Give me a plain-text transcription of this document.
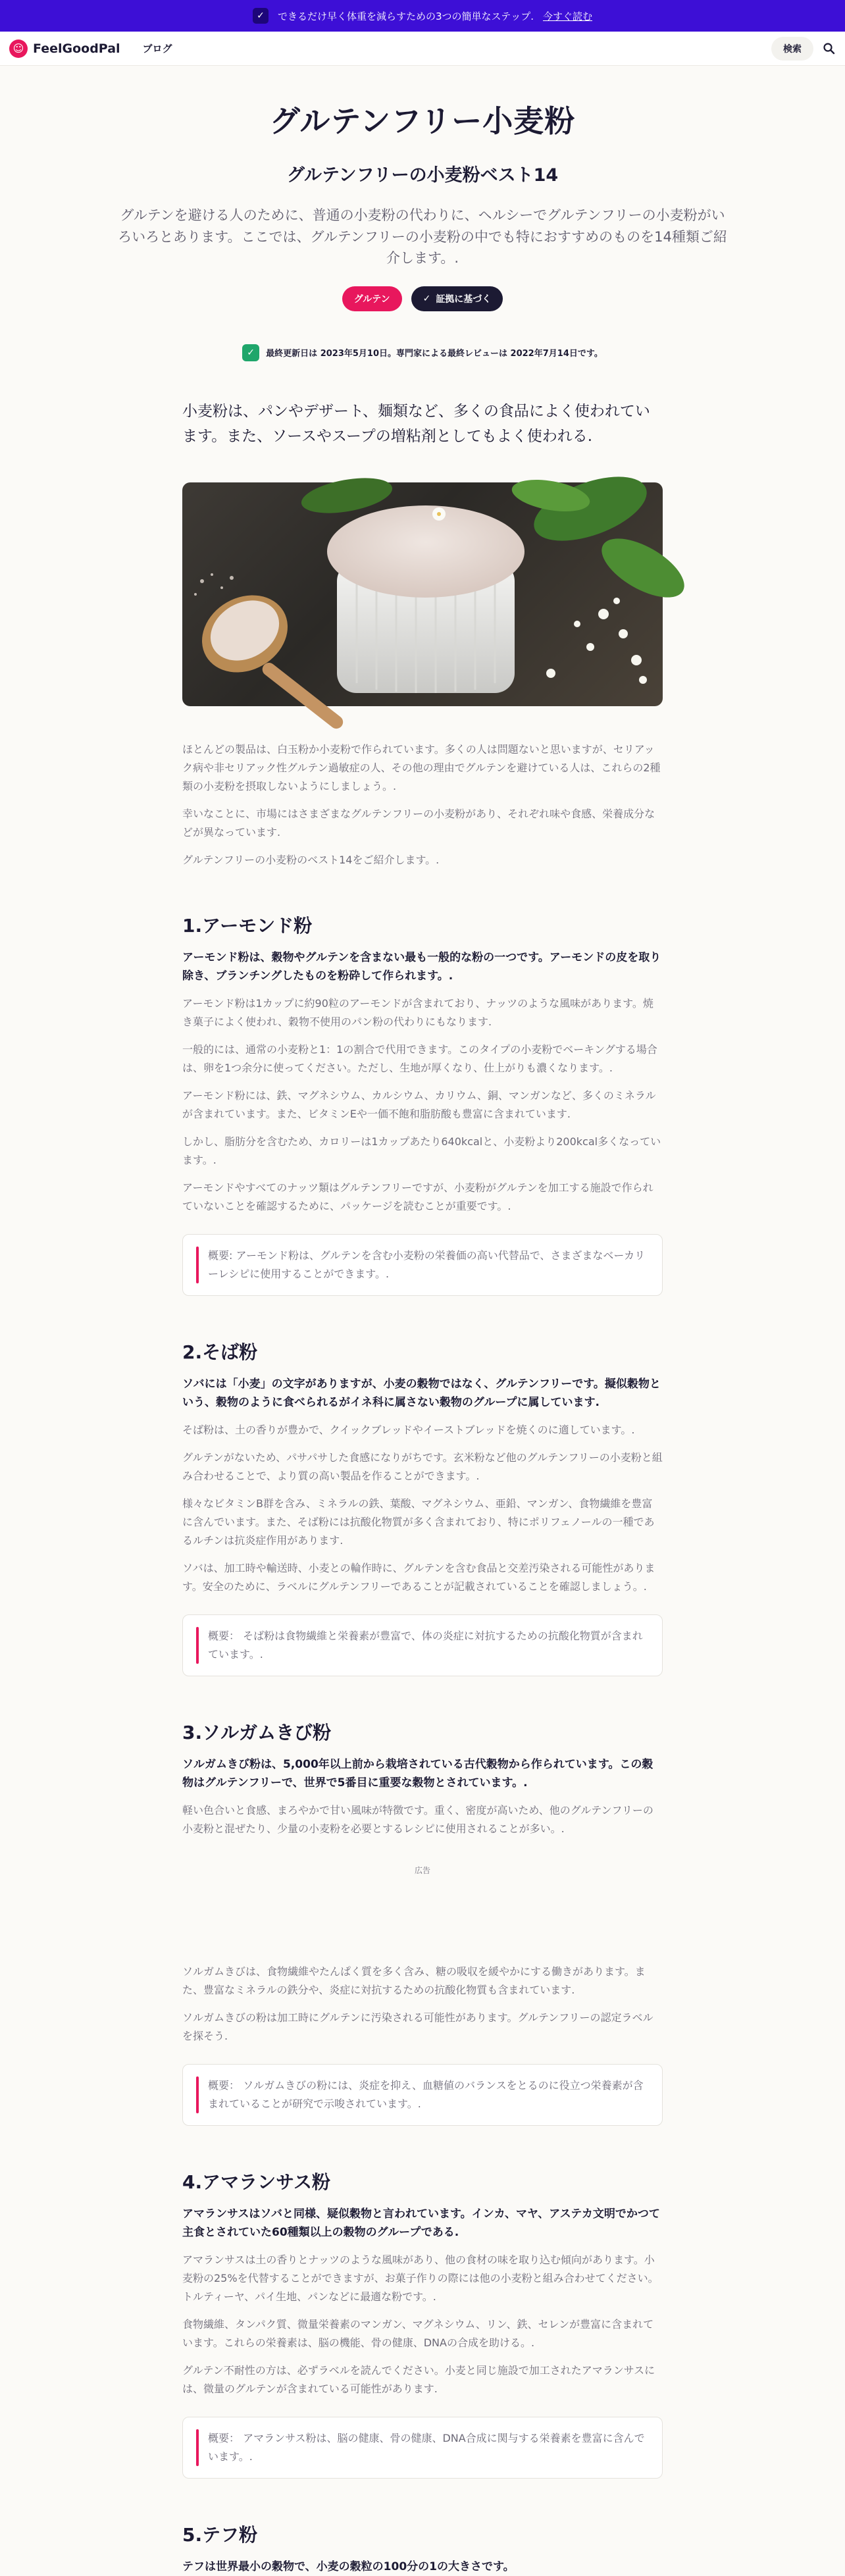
✓	できるだけ早く体重を減らすための3つの簡単なステップ. 今すぐ読む
☺ FeelGoodPal ブログ	検索
グルテンフリー小麦粉
グルテンフリーの小麦粉ベスト14

グルテンを避ける人のために、普通の小麦粉の代わりに、ヘルシーでグルテンフリーの小麦粉がいろいろとあります。ここでは、グルテンフリーの小麦粉の中でも特におすすめのものを14種類ご紹介します。.

グルテン	✓ 証拠に基づく
✓	最終更新日は 2023年5月10日。専門家による最終レビューは 2022年7月14日です。

小麦粉は、パンやデザート、麺類など、多くの食品によく使われています。また、ソースやスープの増粘剤としてもよく使われる.

ほとんどの製品は、白玉粉か小麦粉で作られています。多くの人は問題ないと思いますが、セリアック病や非セリアック性グルテン過敏症の人、その他の理由でグルテンを避けている人は、これらの2種類の小麦粉を摂取しないようにしましょう。.

幸いなことに、市場にはさまざまなグルテンフリーの小麦粉があり、それぞれ味や食感、栄養成分などが異なっています.

グルテンフリーの小麦粉のベスト14をご紹介します。.

1.アーモンド粉

アーモンド粉は、穀物やグルテンを含まない最も一般的な粉の一つです。アーモンドの皮を取り除き、ブランチングしたものを粉砕して作られます。.

アーモンド粉は1カップに約90粒のアーモンドが含まれており、ナッツのような風味があります。焼き菓子によく使われ、穀物不使用のパン粉の代わりにもなります.

一般的には、通常の小麦粉と1：1の割合で代用できます。このタイプの小麦粉でベーキングする場合は、卵を1つ余分に使ってください。ただし、生地が厚くなり、仕上がりも濃くなります。.

アーモンド粉には、鉄、マグネシウム、カルシウム、カリウム、銅、マンガンなど、多くのミネラルが含まれています。また、ビタミンEや一価不飽和脂肪酸も豊富に含まれています.

しかし、脂肪分を含むため、カロリーは1カップあたり640kcalと、小麦粉より200kcal多くなっています。.

アーモンドやすべてのナッツ類はグルテンフリーですが、小麦粉がグルテンを加工する施設で作られていないことを確認するために、パッケージを読むことが重要です。.

概要: アーモンド粉は、グルテンを含む小麦粉の栄養価の高い代替品で、さまざまなベーカリーレシピに使用することができます。.
2.そば粉

ソバには「小麦」の文字がありますが、小麦の穀物ではなく、グルテンフリーです。擬似穀物という、穀物のように食べられるがイネ科に属さない穀物のグループに属しています.

そば粉は、土の香りが豊かで、クイックブレッドやイーストブレッドを焼くのに適しています。.

グルテンがないため、パサパサした食感になりがちです。玄米粉など他のグルテンフリーの小麦粉と組み合わせることで、より質の高い製品を作ることができます。.

様々なビタミンB群を含み、ミネラルの鉄、葉酸、マグネシウム、亜鉛、マンガン、食物繊維を豊富に含んでいます。また、そば粉には抗酸化物質が多く含まれており、特にポリフェノールの一種であるルチンは抗炎症作用があります.

ソバは、加工時や輸送時、小麦との輪作時に、グルテンを含む食品と交差汚染される可能性があります。安全のために、ラベルにグルテンフリーであることが記載されていることを確認しましょう。.

概要： そば粉は食物繊維と栄養素が豊富で、体の炎症に対抗するための抗酸化物質が含まれています。.
3.ソルガムきび粉

ソルガムきび粉は、5,000年以上前から栽培されている古代穀物から作られています。この穀物はグルテンフリーで、世界で5番目に重要な穀物とされています。.

軽い色合いと食感、まろやかで甘い風味が特徴です。重く、密度が高いため、他のグルテンフリーの小麦粉と混ぜたり、少量の小麦粉を必要とするレシピに使用されることが多い。.

広告

ソルガムきびは、食物繊維やたんぱく質を多く含み、糖の吸収を緩やかにする働きがあります。また、豊富なミネラルの鉄分や、炎症に対抗するための抗酸化物質も含まれています.

ソルガムきびの粉は加工時にグルテンに汚染される可能性があります。グルテンフリーの認定ラベルを探そう.

概要： ソルガムきびの粉には、炎症を抑え、血糖値のバランスをとるのに役立つ栄養素が含まれていることが研究で示唆されています。.
4.アマランサス粉

アマランサスはソバと同様、疑似穀物と言われています。インカ、マヤ、アステカ文明でかつて主食とされていた60種類以上の穀物のグループである.

アマランサスは土の香りとナッツのような風味があり、他の食材の味を取り込む傾向があります。小麦粉の25%を代替することができますが、お菓子作りの際には他の小麦粉と組み合わせてください。トルティーヤ、パイ生地、パンなどに最適な粉です。.

食物繊維、タンパク質、微量栄養素のマンガン、マグネシウム、リン、鉄、セレンが豊富に含まれています。これらの栄養素は、脳の機能、骨の健康、DNAの合成を助ける。.

グルテン不耐性の方は、必ずラベルを読んでください。小麦と同じ施設で加工されたアマランサスには、微量のグルテンが含まれている可能性があります.

概要： アマランサス粉は、脳の健康、骨の健康、DNA合成に関与する栄養素を豊富に含んでいます。.
5.テフ粉

テフは世界最小の穀物で、小麦の穀粒の100分の1の大きさです。
